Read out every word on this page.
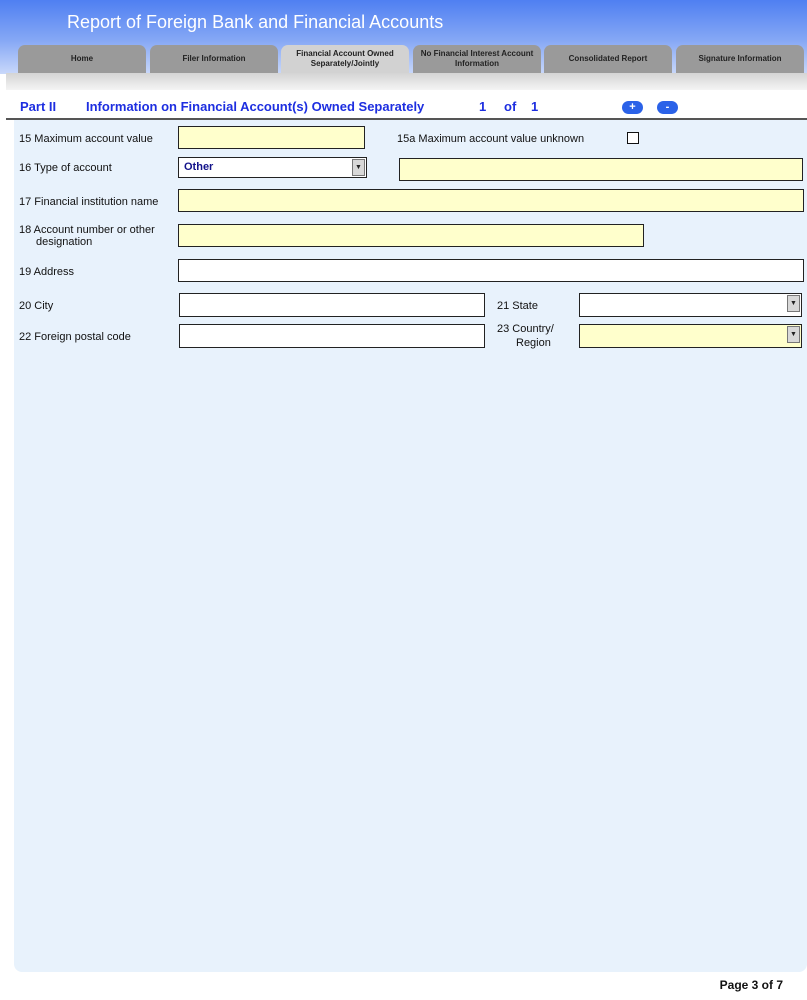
Report of Foreign Bank and Financial Accounts
Home	Filer Information
Financial Account Owned Separately/Jointly
No Financial Interest Account Information
Consolidated Report	Signature Information
Part II Information on Financial Account(s) Owned Separately	1 of 1	+	-
15 Maximum account value	15a Maximum account value unknown
16 Type of account	Other	▼
17 Financial institution name
18 Account number or other
designation
19 Address
20 City	21 State	▼
22 Foreign postal code
23 Country/
Region
▼
Page 3 of 7
